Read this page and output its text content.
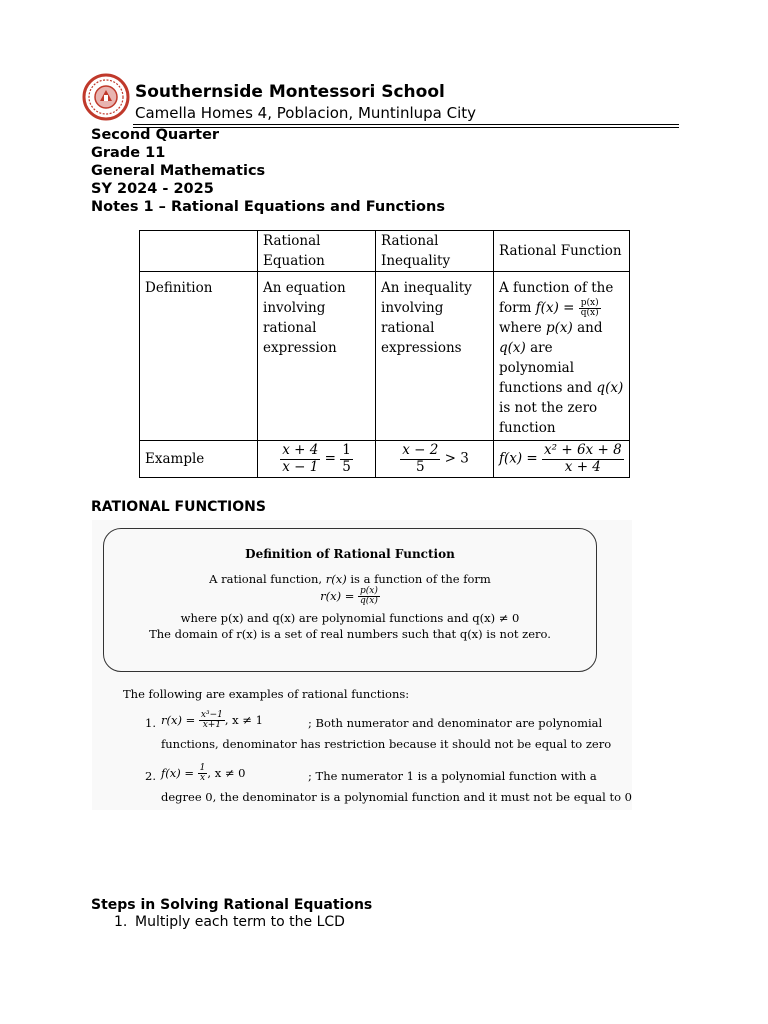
Southernside Montessori School
Camella Homes 4, Poblacion, Muntinlupa City
Second Quarter
Grade 11
General Mathematics
SY 2024 - 2025
Notes 1 – Rational Equations and Functions
	Rational Equation	Rational Inequality	Rational Function
Definition	An equation involving rational expression	An inequality involving rational expressions	A function of the form $f(x) = \frac{p(x)}{q(x)}$

where p(x) and q(x) are polynomial functions and q(x) is not the zero function
Example	$\frac{x + 4}{x - 1} = \frac{1}{5}$	$\frac{x - 2}{5} > 3$	$f(x) = \frac{\text{x² + 6x + 8}}{x + 4}$
RATIONAL FUNCTIONS
Definition of Rational Function
A rational function, r(x) is a function of the form
$r(x) = \frac{p(x)}{q(x)}$
where p(x) and q(x) are polynomial functions and q(x) ≠ 0
The domain of r(x) is a set of real numbers such that q(x) is not zero.
The following are examples of rational functions:
1. $r(x) = \frac{\text{x³−1}}{x+1}$ , x ≠ 1	; Both numerator and denominator are polynomial
functions, denominator has restriction because it should not be equal to zero
2. $f(x) = \frac{1}{x}$ , x ≠ 0	; The numerator 1 is a polynomial function with a
degree 0, the denominator is a polynomial function and it must not be equal to 0
Steps in Solving Rational Equations
1. Multiply each term to the LCD
